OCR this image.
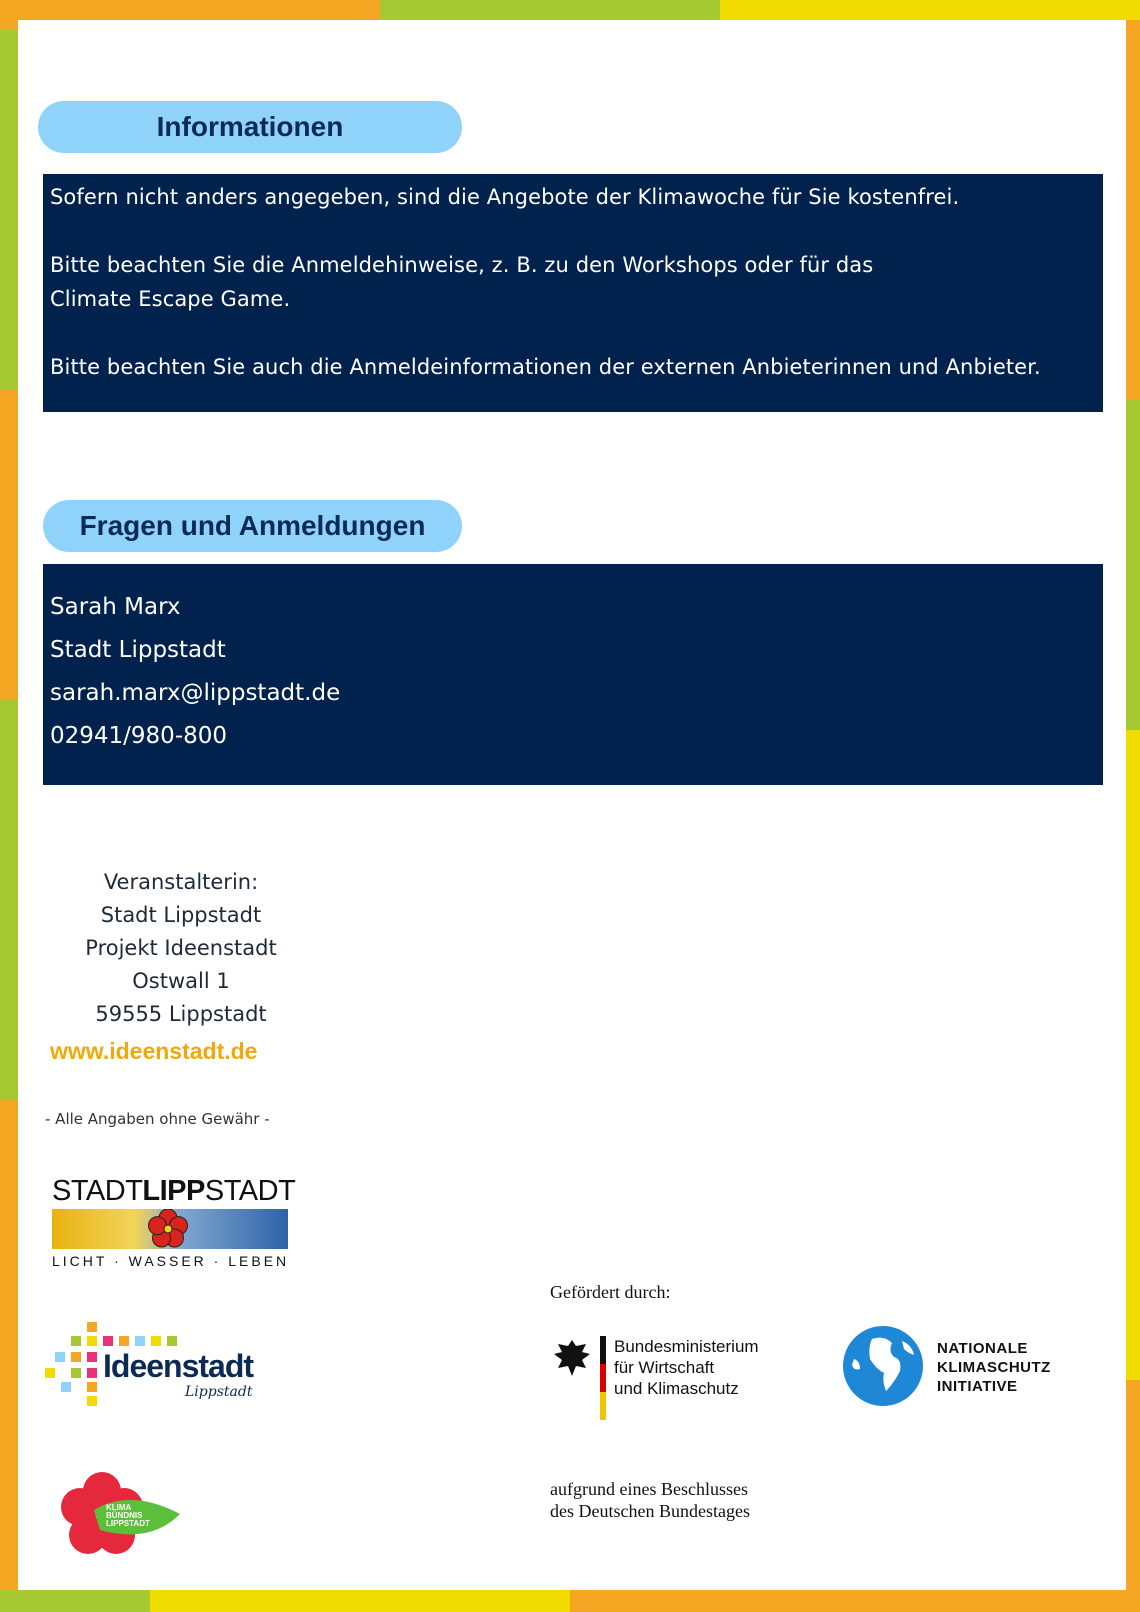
Informationen
Sofern nicht anders angegeben, sind die Angebote der Klimawoche für Sie kostenfrei.
Bitte beachten Sie die Anmeldehinweise, z. B. zu den Workshops oder für das
Climate Escape Game.
Bitte beachten Sie auch die Anmeldeinformationen der externen Anbieterinnen und Anbieter.
Fragen und Anmeldungen
Sarah Marx
Stadt Lippstadt
sarah.marx@lippstadt.de
02941/980-800
Veranstalterin:
Stadt Lippstadt
Projekt Ideenstadt
Ostwall 1
59555 Lippstadt
www.ideenstadt.de
- Alle Angaben ohne Gewähr -
STADTLIPPSTADT
LICHT · WASSER · LEBEN
Ideenstadt
Lippstadt
KLIMA
BÜNDNIS
LIPPSTADT
Gefördert durch:
Bundesministerium
für Wirtschaft
und Klimaschutz
NATIONALE
KLIMASCHUTZ
INITIATIVE
aufgrund eines Beschlusses
des Deutschen Bundestages
